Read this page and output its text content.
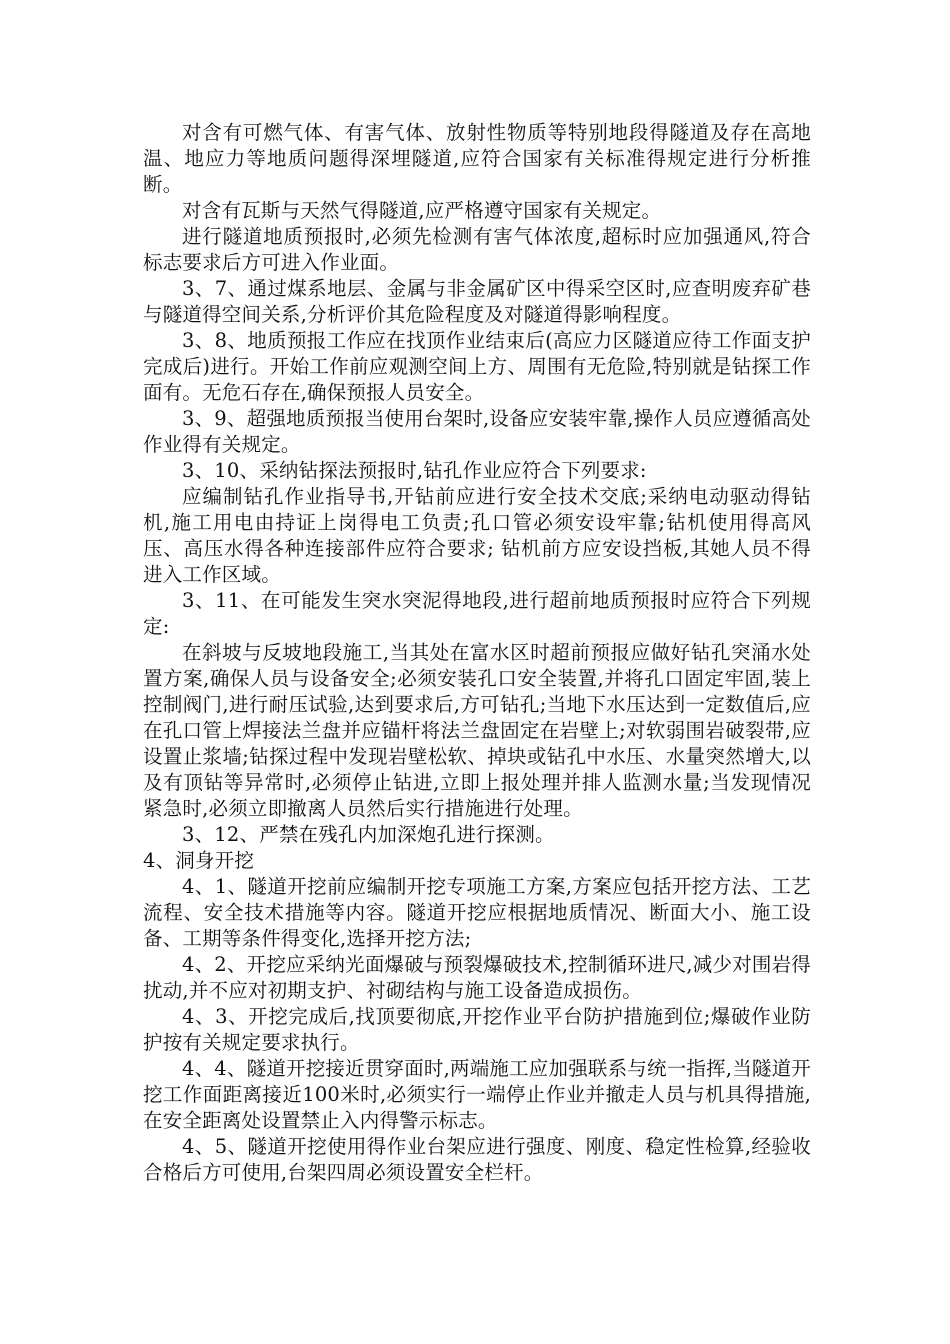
对含有可燃气体、有害气体、放射性物质等特别地段得隧道及存在高地温、地应力等地质问题得深埋隧道,应符合国家有关标准得规定进行分析推断。

对含有瓦斯与天然气得隧道,应严格遵守国家有关规定。

进行隧道地质预报时,必须先检测有害气体浓度,超标时应加强通风,符合标志要求后方可进入作业面。

3、7、通过煤系地层、金属与非金属矿区中得采空区时,应查明废弃矿巷与隧道得空间关系,分析评价其危险程度及对隧道得影响程度。

3、8、地质预报工作应在找顶作业结束后(高应力区隧道应待工作面支护完成后)进行。开始工作前应观测空间上方、周围有无危险,特别就是钻探工作面有。无危石存在,确保预报人员安全。

3、9、超强地质预报当使用台架时,设备应安装牢靠,操作人员应遵循高处作业得有关规定。

3、10、采纳钻探法预报时,钻孔作业应符合下列要求:

应编制钻孔作业指导书,开钻前应进行安全技术交底;采纳电动驱动得钻机,施工用电由持证上岗得电工负责;孔口管必须安设牢靠;钻机使用得高风压、高压水得各种连接部件应符合要求; 钻机前方应安设挡板,其她人员不得进入工作区域。

3、11、在可能发生突水突泥得地段,进行超前地质预报时应符合下列规定:

在斜坡与反坡地段施工,当其处在富水区时超前预报应做好钻孔突涌水处置方案,确保人员与设备安全;必须安装孔口安全装置,并将孔口固定牢固,装上控制阀门,进行耐压试验,达到要求后,方可钻孔;当地下水压达到一定数值后,应在孔口管上焊接法兰盘并应锚杆将法兰盘固定在岩壁上;对软弱围岩破裂带,应设置止浆墙;钻探过程中发现岩壁松软、掉块或钻孔中水压、水量突然增大,以及有顶钻等异常时,必须停止钻进,立即上报处理并排人监测水量;当发现情况紧急时,必须立即撤离人员然后实行措施进行处理。

3、12、严禁在残孔内加深炮孔进行探测。

4、洞身开挖

4、1、隧道开挖前应编制开挖专项施工方案,方案应包括开挖方法、工艺流程、安全技术措施等内容。隧道开挖应根据地质情况、断面大小、施工设备、工期等条件得变化,选择开挖方法;

4、2、开挖应采纳光面爆破与预裂爆破技术,控制循环进尺,减少对围岩得扰动,并不应对初期支护、衬砌结构与施工设备造成损伤。

4、3、开挖完成后,找顶要彻底,开挖作业平台防护措施到位;爆破作业防护按有关规定要求执行。

4、4、隧道开挖接近贯穿面时,两端施工应加强联系与统一指挥,当隧道开挖工作面距离接近100米时,必须实行一端停止作业并撤走人员与机具得措施,在安全距离处设置禁止入内得警示标志。

4、5、隧道开挖使用得作业台架应进行强度、刚度、稳定性检算,经验收合格后方可使用,台架四周必须设置安全栏杆。
